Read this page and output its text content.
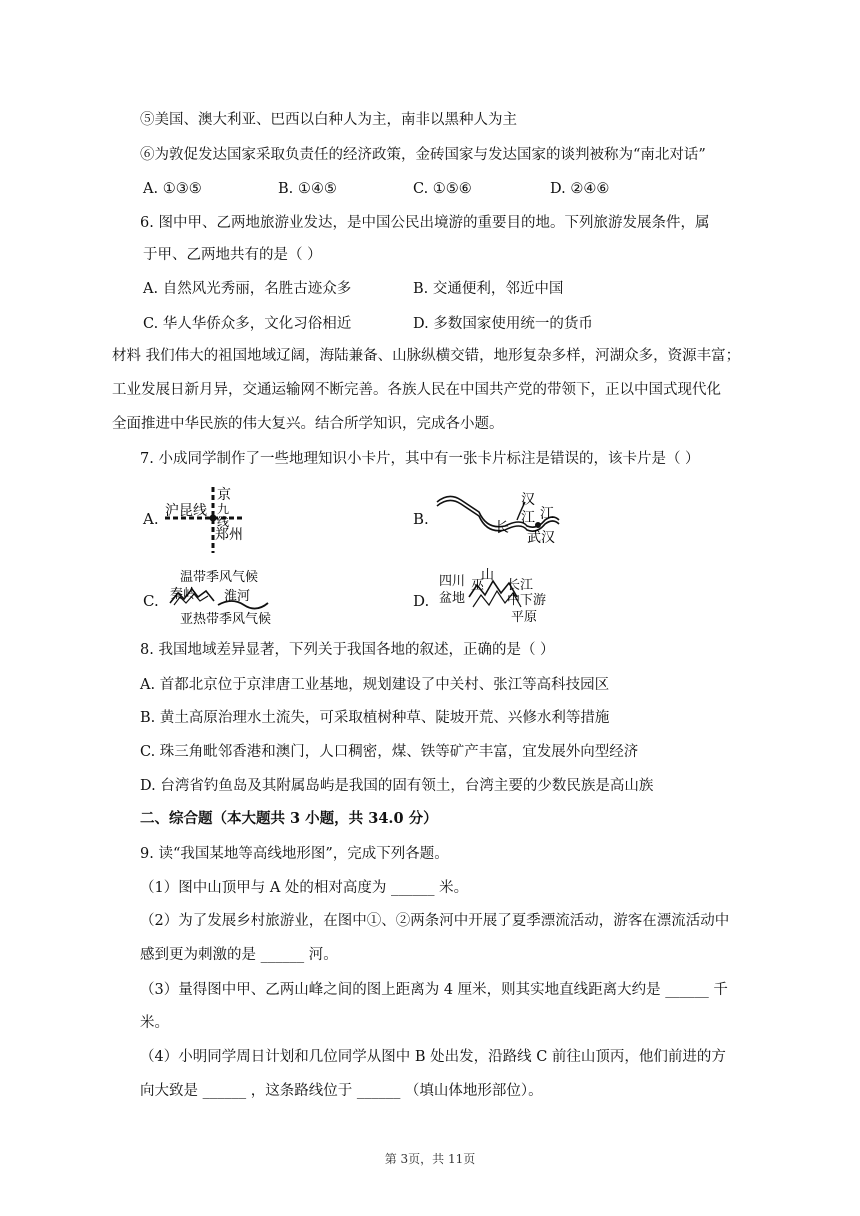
⑤美国、澳大利亚、巴西以白种人为主，南非以黑种人为主
⑥为敦促发达国家采取负责任的经济政策，金砖国家与发达国家的谈判被称为“南北对话”
A. ①③⑤	B. ①④⑤	C. ①⑤⑥	D. ②④⑥
6. 图中甲、乙两地旅游业发达，是中国公民出境游的重要目的地。下列旅游发展条件，属
于甲、乙两地共有的是（ ）
A. 自然风光秀丽，名胜古迹众多	B. 交通便利，邻近中国
C. 华人华侨众多，文化习俗相近	D. 多数国家使用统一的货币
材料 我们伟大的祖国地域辽阔，海陆兼备、山脉纵横交错，地形复杂多样，河湖众多，资源丰富；
工业发展日新月异，交通运输网不断完善。各族人民在中国共产党的带领下，正以中国式现代化
全面推进中华民族的伟大复兴。结合所学知识，完成各小题。
7. 小成同学制作了一些地理知识小卡片，其中有一张卡片标注是错误的，该卡片是（ ）
A. 沪昆线
京
九
线
郑州
B.
汉
江
长
江
武汉
C.
温带季风气候
秦岭 淮河
亚热带季风气候
D.
四川
盆地
山
巫 长江
中下游
平原
8. 我国地域差异显著，下列关于我国各地的叙述，正确的是（ ）
A. 首都北京位于京津唐工业基地，规划建设了中关村、张江等高科技园区
B. 黄土高原治理水土流失，可采取植树种草、陡坡开荒、兴修水利等措施
C. 珠三角毗邻香港和澳门，人口稠密，煤、铁等矿产丰富，宜发展外向型经济
D. 台湾省钓鱼岛及其附属岛屿是我国的固有领土，台湾主要的少数民族是高山族
二、综合题（本大题共 3 小题，共 34.0 分）
9. 读“我国某地等高线地形图”，完成下列各题。
（1）图中山顶甲与 A 处的相对高度为 ______ 米。
（2）为了发展乡村旅游业，在图中①、②两条河中开展了夏季漂流活动，游客在漂流活动中
感到更为刺激的是 ______ 河。
（3）量得图中甲、乙两山峰之间的图上距离为 4 厘米，则其实地直线距离大约是 ______ 千
米。
（4）小明同学周日计划和几位同学从图中 B 处出发，沿路线 C 前往山顶丙，他们前进的方
向大致是 ______ ，这条路线位于 ______ （填山体地形部位）。
第 3页，共 11页
